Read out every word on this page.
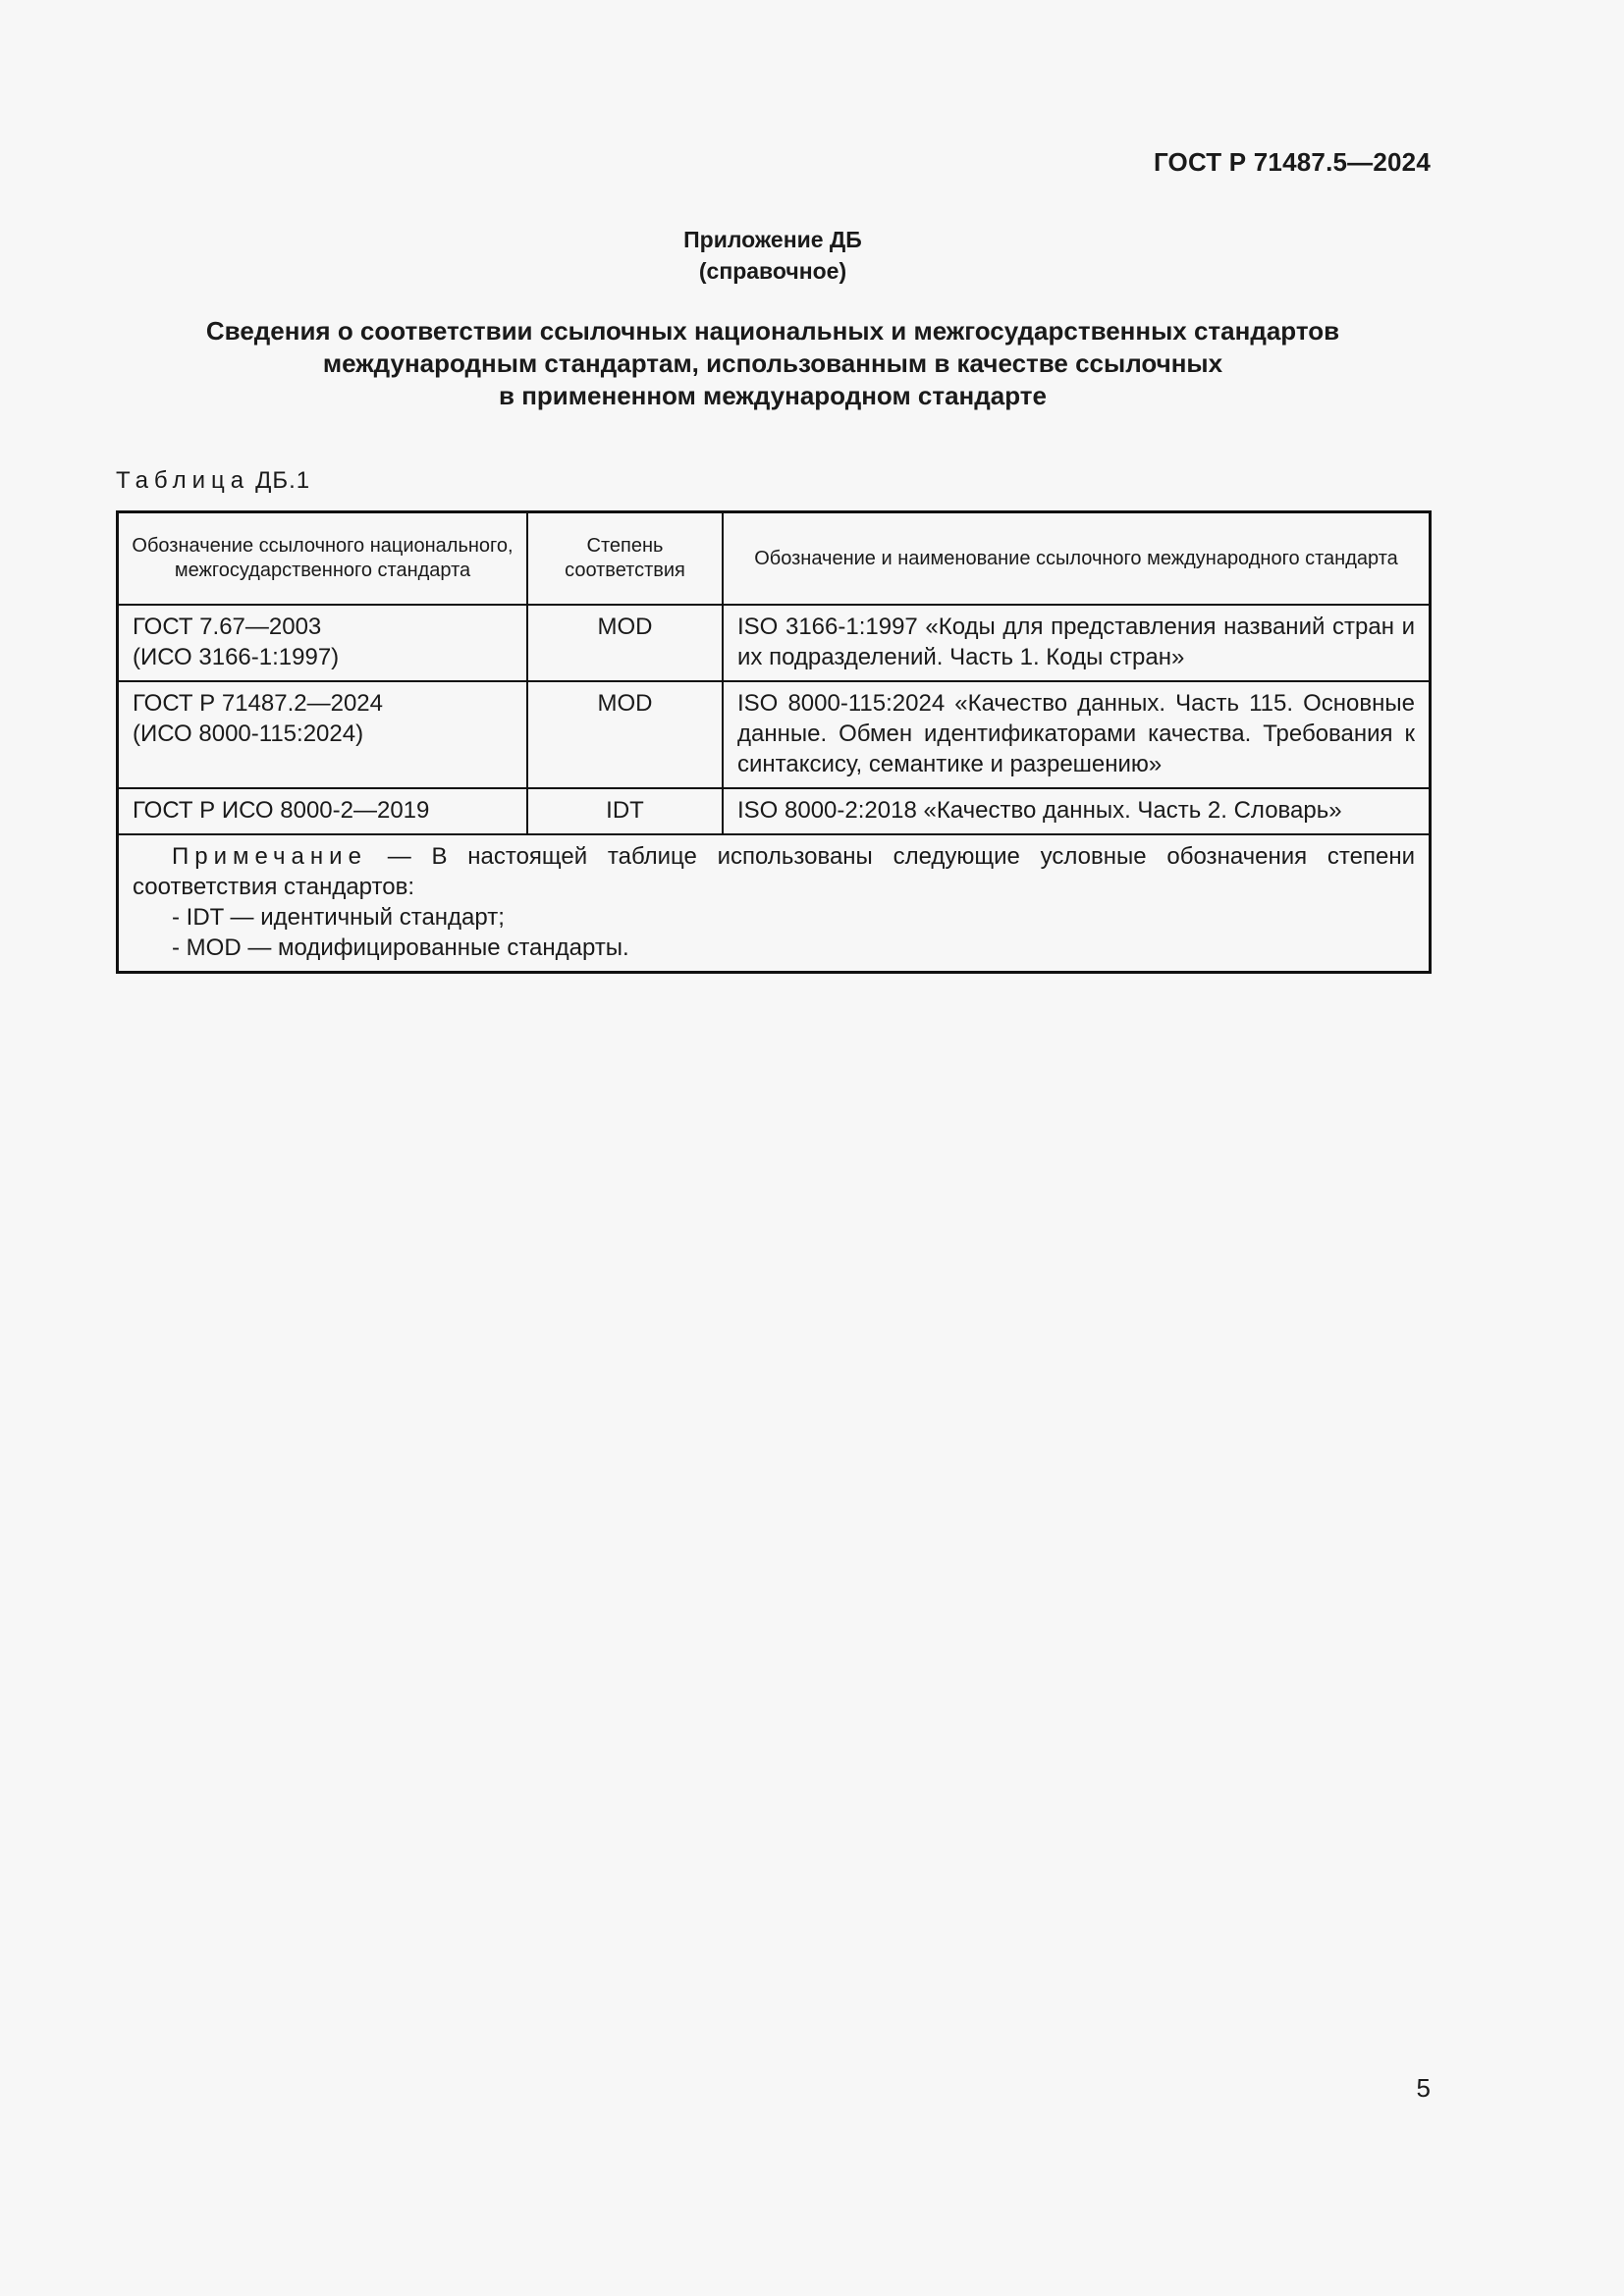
ГОСТ Р 71487.5—2024
Приложение ДБ
(справочное)
Сведения о соответствии ссылочных национальных и межгосударственных стандартов
международным стандартам, использованным в качестве ссылочных
в примененном международном стандарте
Таблица ДБ.1
Обозначение ссылочного национального, межгосударственного стандарта	Степень соответствия	Обозначение и наименование ссылочного международного стандарта

ГОСТ 7.67—2003
(ИСО 3166-1:1997)	MOD	ISO 3166-1:1997 «Коды для представления названий стран и их подразделений. Часть 1. Коды стран»

ГОСТ Р 71487.2—2024
(ИСО 8000-115:2024)	MOD	ISO 8000-115:2024 «Качество данных. Часть 115. Основные данные. Обмен идентификаторами качества. Требования к синтаксису, семантике и разрешению»

ГОСТ Р ИСО 8000-2—2019	IDT	ISO 8000-2:2018 «Качество данных. Часть 2. Словарь»

Примечание — В настоящей таблице использованы следующие условные обозначения степени соответствия стандартов:
- IDT — идентичный стандарт;
- MOD — модифицированные стандарты.		
5
